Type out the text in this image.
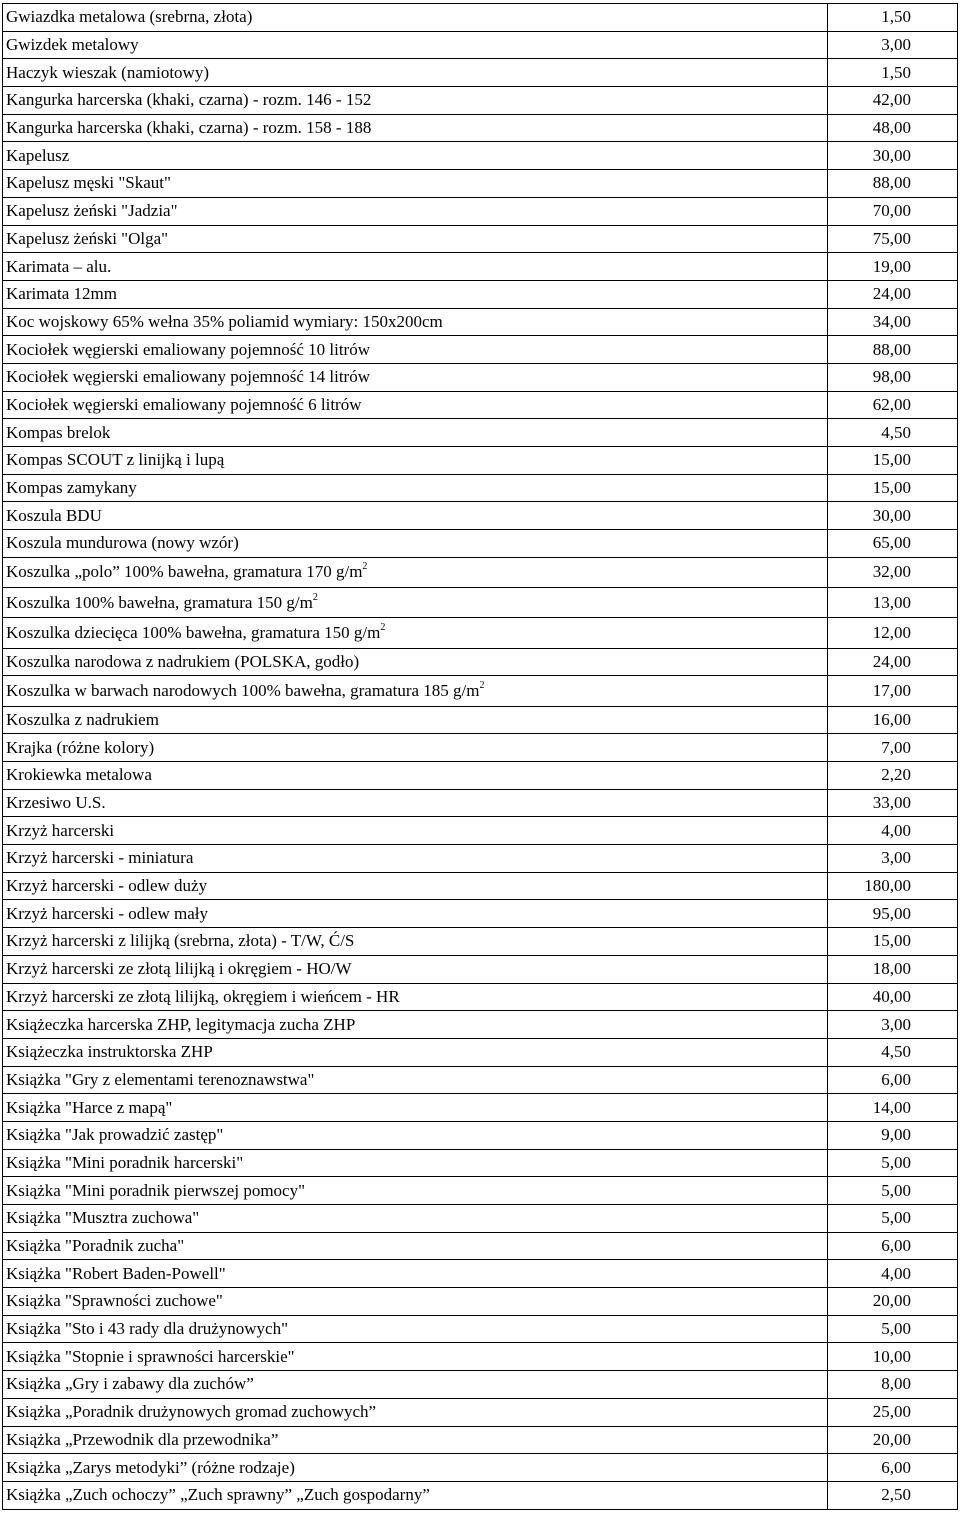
Gwiazdka metalowa (srebrna, złota)	1,50
Gwizdek metalowy	3,00
Haczyk wieszak (namiotowy)	1,50
Kangurka harcerska (khaki, czarna) - rozm. 146 - 152	42,00
Kangurka harcerska (khaki, czarna) - rozm. 158 - 188	48,00
Kapelusz	30,00
Kapelusz męski "Skaut"	88,00
Kapelusz żeński "Jadzia"	70,00
Kapelusz żeński "Olga"	75,00
Karimata – alu.	19,00
Karimata 12mm	24,00
Koc wojskowy 65% wełna 35% poliamid wymiary: 150x200cm	34,00
Kociołek węgierski emaliowany pojemność 10 litrów	88,00
Kociołek węgierski emaliowany pojemność 14 litrów	98,00
Kociołek węgierski emaliowany pojemność 6 litrów	62,00
Kompas brelok	4,50
Kompas SCOUT z linijką i lupą	15,00
Kompas zamykany	15,00
Koszula BDU	30,00
Koszula mundurowa (nowy wzór)	65,00
Koszulka „polo” 100% bawełna, gramatura 170 $g/m^2$	32,00
Koszulka 100% bawełna, gramatura 150 $g/m^2$	13,00
Koszulka dziecięca 100% bawełna, gramatura 150 $g/m^2$	12,00
Koszulka narodowa z nadrukiem (POLSKA, godło)	24,00
Koszulka w barwach narodowych 100% bawełna, gramatura 185 $g/m^2$	17,00
Koszulka z nadrukiem	16,00
Krajka (różne kolory)	7,00
Krokiewka metalowa	2,20
Krzesiwo U.S.	33,00
Krzyż harcerski	4,00
Krzyż harcerski - miniatura	3,00
Krzyż harcerski - odlew duży	180,00
Krzyż harcerski - odlew mały	95,00
Krzyż harcerski z lilijką (srebrna, złota) - T/W, Ć/S	15,00
Krzyż harcerski ze złotą lilijką i okręgiem - HO/W	18,00
Krzyż harcerski ze złotą lilijką, okręgiem i wieńcem - HR	40,00
Książeczka harcerska ZHP, legitymacja zucha ZHP	3,00
Książeczka instruktorska ZHP	4,50
Książka "Gry z elementami terenoznawstwa"	6,00
Książka "Harce z mapą"	14,00
Książka "Jak prowadzić zastęp"	9,00
Książka "Mini poradnik harcerski"	5,00
Książka "Mini poradnik pierwszej pomocy"	5,00
Książka "Musztra zuchowa"	5,00
Książka "Poradnik zucha"	6,00
Książka "Robert Baden-Powell"	4,00
Książka "Sprawności zuchowe"	20,00
Książka "Sto i 43 rady dla drużynowych"	5,00
Książka "Stopnie i sprawności harcerskie"	10,00
Książka „Gry i zabawy dla zuchów”	8,00
Książka „Poradnik drużynowych gromad zuchowych”	25,00
Książka „Przewodnik dla przewodnika”	20,00
Książka „Zarys metodyki” (różne rodzaje)	6,00
Książka „Zuch ochoczy” „Zuch sprawny” „Zuch gospodarny”	2,50
